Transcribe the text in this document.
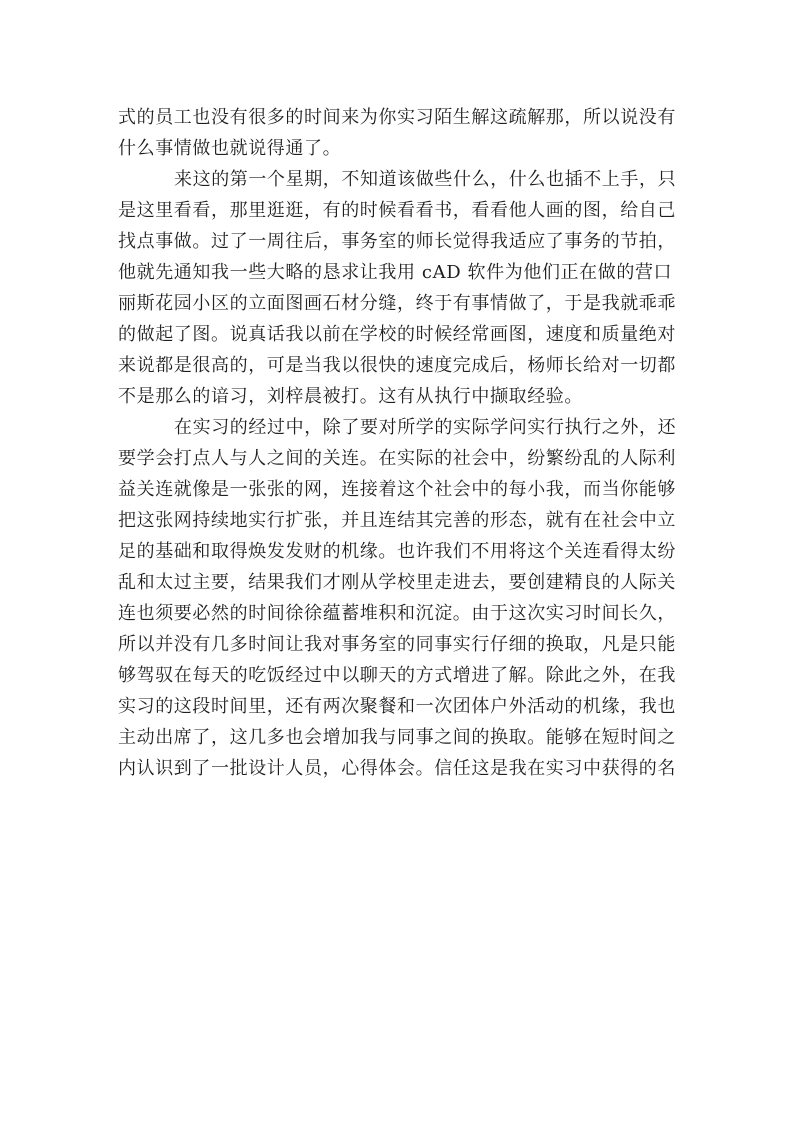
式的员工也没有很多的时间来为你实习陌生解这疏解那，所以说没有
什么事情做也就说得通了。
来这的第一个星期，不知道该做些什么，什么也插不上手，只
是这里看看，那里逛逛，有的时候看看书，看看他人画的图，给自己
找点事做。过了一周往后，事务室的师长觉得我适应了事务的节拍，
他就先通知我一些大略的恳求让我用 cAD 软件为他们正在做的营口
丽斯花园小区的立面图画石材分缝，终于有事情做了，于是我就乖乖
的做起了图。说真话我以前在学校的时候经常画图，速度和质量绝对
来说都是很高的，可是当我以很快的速度完成后，杨师长给对一切都
不是那么的谙习，刘梓晨被打。这有从执行中撷取经验。
在实习的经过中，除了要对所学的实际学问实行执行之外，还
要学会打点人与人之间的关连。在实际的社会中，纷繁纷乱的人际利
益关连就像是一张张的网，连接着这个社会中的每小我，而当你能够
把这张网持续地实行扩张，并且连结其完善的形态，就有在社会中立
足的基础和取得焕发发财的机缘。也许我们不用将这个关连看得太纷
乱和太过主要，结果我们才刚从学校里走进去，要创建精良的人际关
连也须要必然的时间徐徐蕴蓄堆积和沉淀。由于这次实习时间长久，
所以并没有几多时间让我对事务室的同事实行仔细的换取，凡是只能
够驾驭在每天的吃饭经过中以聊天的方式增进了解。除此之外，在我
实习的这段时间里，还有两次聚餐和一次团体户外活动的机缘，我也
主动出席了，这几多也会增加我与同事之间的换取。能够在短时间之
内认识到了一批设计人员，心得体会。信任这是我在实习中获得的名
